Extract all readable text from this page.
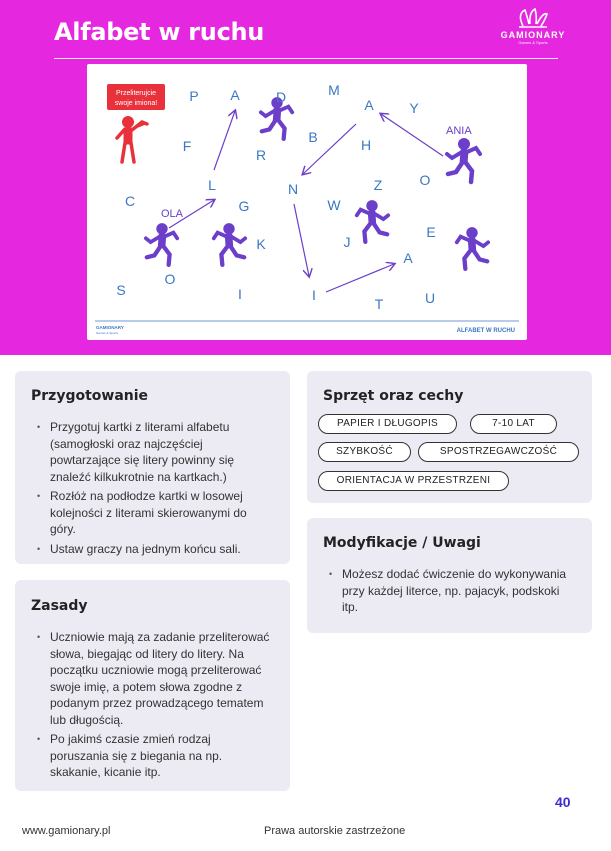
Alfabet w ruchu	GAMIONARY
Games & Sports
Przeliterujcie
swoje imiona!
OLA
ANIA
P A	D	M
A	Y
F
R
B	H
L	N	Z	O
C	G	W
E
K	J
A
S
O
I	I
T	U
GAMIONARY
Games & Sports	ALFABET W RUCHU
Przygotowanie
• Przygotuj kartki z literami alfabetu (samogłoski oraz najczęściej powtarzające się litery powinny się znaleźć kilkukrotnie na kartkach.)
• Rozłóż na podłodze kartki w losowej kolejności z literami skierowanymi do góry.
• Ustaw graczy na jednym końcu sali.
Sprzęt oraz cechy
PAPIER I DŁUGOPIS	7-10 LAT
SZYBKOŚĆ	SPOSTRZEGAWCZOŚĆ
ORIENTACJA W PRZESTRZENI
Modyfikacje / Uwagi
• Możesz dodać ćwiczenie do wykonywania przy każdej literce, np. pajacyk, podskoki itp.
Zasady
• Uczniowie mają za zadanie przeliterować słowa, biegając od litery do litery. Na początku uczniowie mogą przeliterować swoje imię, a potem słowa zgodne z podanym przez prowadzącego tematem lub długością.
• Po jakimś czasie zmień rodzaj poruszania się z biegania na np. skakanie, kicanie itp.
40
www.gamionary.pl	Prawa autorskie zastrzeżone
